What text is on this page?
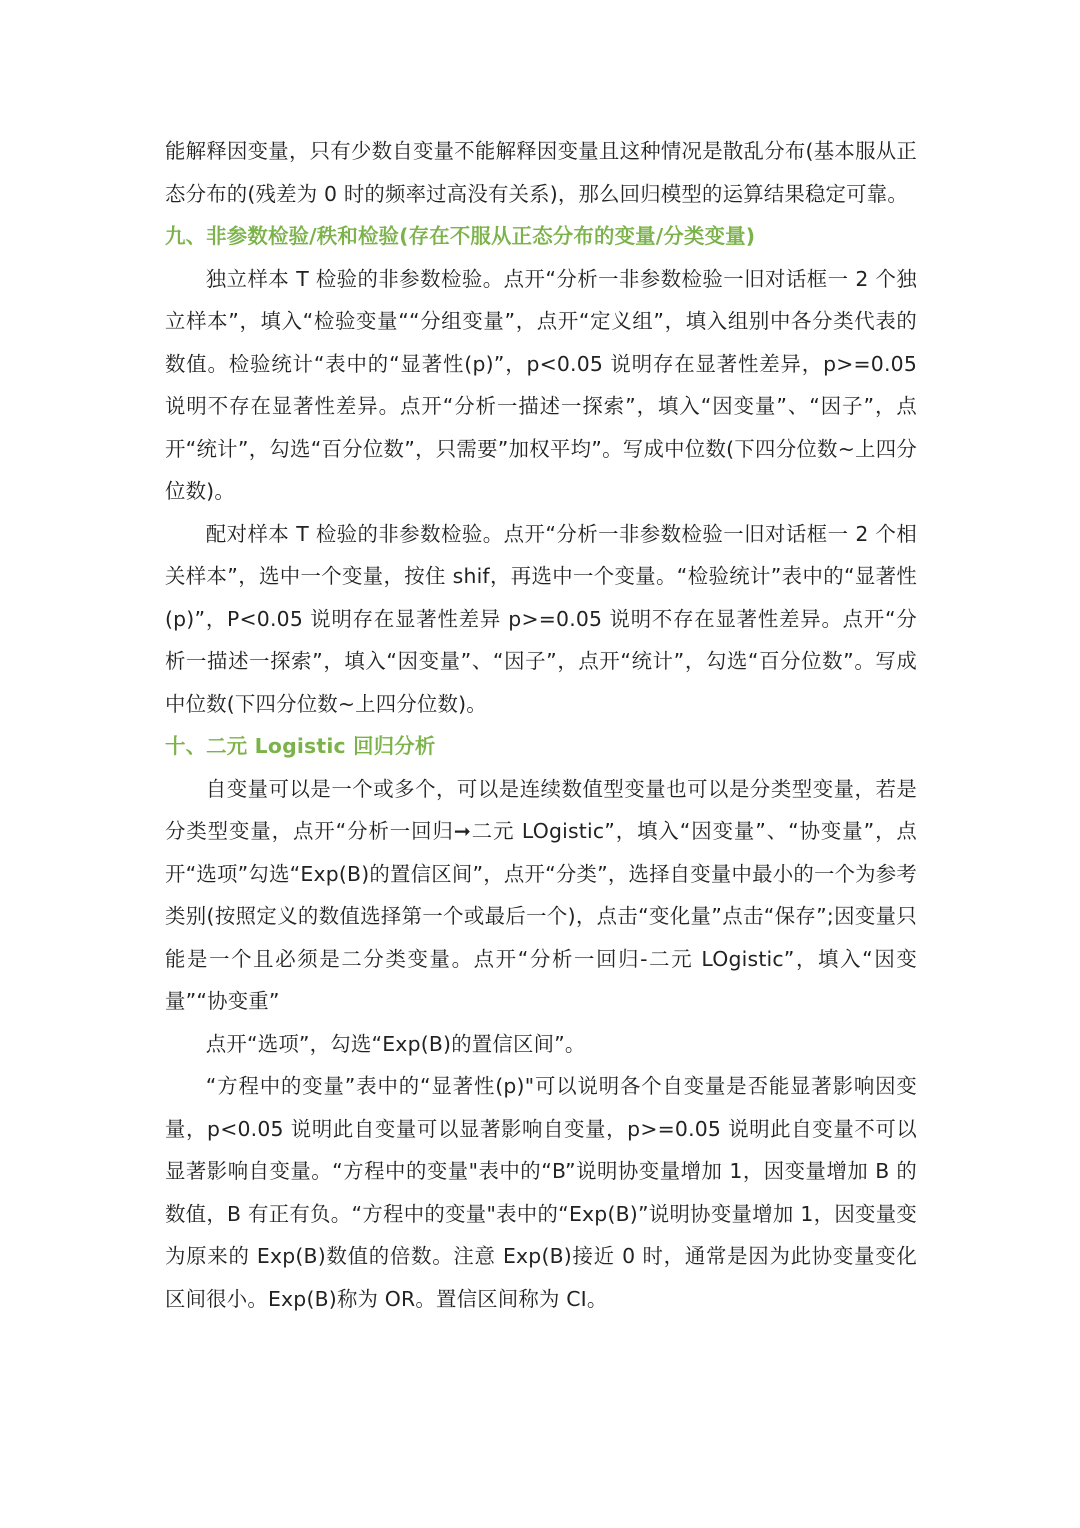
能解释因变量，只有少数自变量不能解释因变量且这种情况是散乱分布(基本服从正态分布的(残差为 0 时的频率过高没有关系)，那么回归模型的运算结果稳定可靠。

九、非参数检验/秩和检验(存在不服从正态分布的变量/分类变量)

独立样本 T 检验的非参数检验。点开“分析一非参数检验一旧对话框一 2 个独立样本”，填入“检验变量““分组变量”，点开“定义组”，填入组别中各分类代表的数值。检验统计“表中的“显著性(p)”，p<0.05 说明存在显著性差异，p>=0.05 说明不存在显著性差异。点开“分析一描述一探索”，填入“因变量”、“因子”，点开“统计”，勾选“百分位数”，只需要”加权平均”。写成中位数(下四分位数~上四分位数)。

配对样本 T 检验的非参数检验。点开“分析一非参数检验一旧对话框一 2 个相关样本”，选中一个变量，按住 shif，再选中一个变量。“检验统计”表中的“显著性(p)”，P<0.05 说明存在显著性差异 p>=0.05 说明不存在显著性差异。点开“分析一描述一探索”，填入“因变量”、“因子”，点开“统计”，勾选“百分位数”。写成中位数(下四分位数~上四分位数)。

十、二元 Logistic 回归分析

自变量可以是一个或多个，可以是连续数值型变量也可以是分类型变量，若是分类型变量，点开“分析一回归➞二元 LOgistic”，填入“因变量”、“协变量”，点开“选项”勾选“Exp(B)的置信区间”，点开“分类”，选择自变量中最小的一个为参考类别(按照定义的数值选择第一个或最后一个)，点击“变化量”点击“保存”;因变量只能是一个且必须是二分类变量。点开“分析一回归-二元 LOgistic”，填入“因变量”“协变重”

点开“选项”，勾选“Exp(B)的置信区间”。

“方程中的变量”表中的“显著性(p)"可以说明各个自变量是否能显著影响因变量，p<0.05 说明此自变量可以显著影响自变量，p>=0.05 说明此自变量不可以显著影响自变量。“方程中的变量"表中的“B”说明协变量增加 1，因变量增加 B 的数值，B 有正有负。“方程中的变量"表中的“Exp(B)”说明协变量增加 1，因变量变为原来的 Exp(B)数值的倍数。注意 Exp(B)接近 0 时，通常是因为此协变量变化区间很小。Exp(B)称为 OR。置信区间称为 CI。
